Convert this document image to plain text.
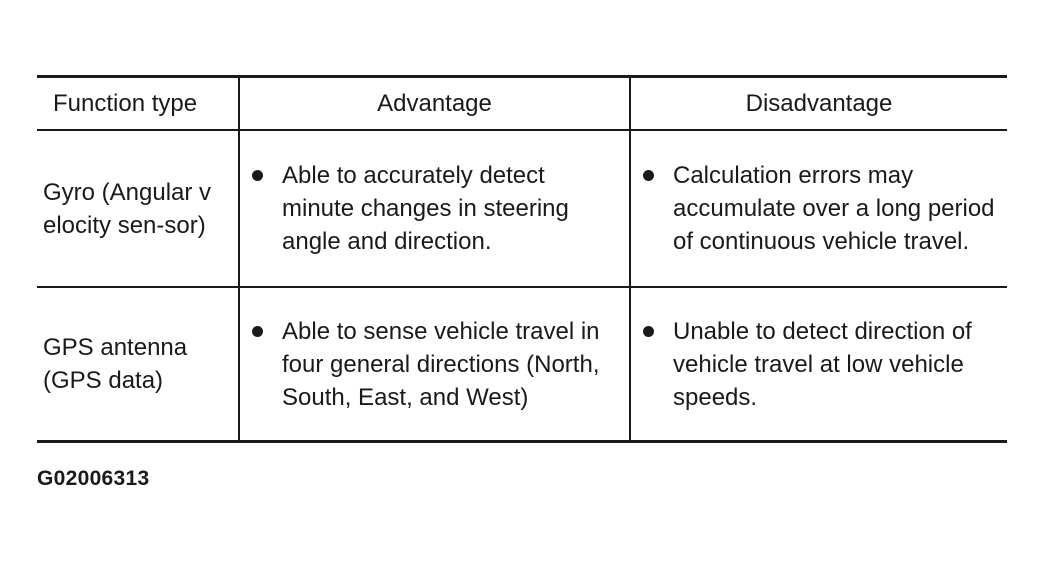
Function type	Advantage	Disadvantage

Gyro (Angular velocity sen-sor)	Able to accurately detect minute changes in steering angle and direction.	Calculation errors may accumulate over a long period of continuous vehicle travel.

GPS antenna (GPS data)	Able to sense vehicle travel in four general directions (North, South, East, and West)	Unable to detect direction of vehicle travel at low vehicle speeds.
G02006313
